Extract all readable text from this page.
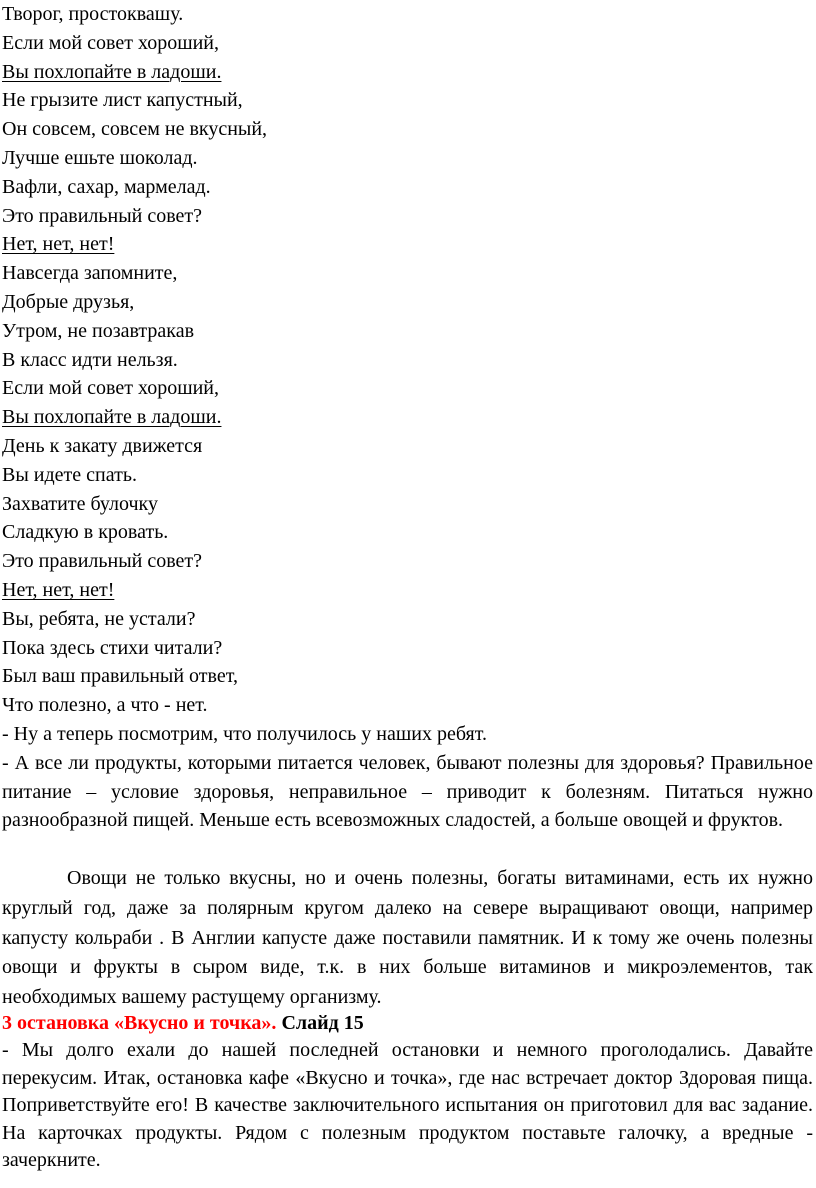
Творог, простоквашу.
Если мой совет хороший,
Вы похлопайте в ладоши.
Не грызите лист капустный,
Он совсем, совсем не вкусный,
Лучше ешьте шоколад.
Вафли, сахар, мармелад.
Это правильный совет?
Нет, нет, нет!
Навсегда запомните,
Добрые друзья,
Утром, не позавтракав
В класс идти нельзя.
Если мой совет хороший,
Вы похлопайте в ладоши.
День к закату движется
Вы идете спать.
Захватите булочку
Сладкую в кровать.
Это правильный совет?
Нет, нет, нет!
Вы, ребята, не устали?
Пока здесь стихи читали?
Был ваш правильный ответ,
Что полезно, а что - нет.

- Ну а теперь посмотрим, что получилось у наших ребят.

- А все ли продукты, которыми питается человек, бывают полезны для здоровья? Правильное питание – условие здоровья, неправильное – приводит к болезням. Питаться нужно разнообразной пищей. Меньше есть всевозможных сладостей, а больше овощей и фруктов.

Овощи не только вкусны, но и очень полезны, богаты витаминами, есть их нужно круглый год, даже за полярным кругом далеко на севере выращивают овощи, например капусту кольраби . В Англии капусте даже поставили памятник. И к тому же очень полезны овощи и фрукты в сыром виде, т.к. в них больше витаминов и микроэлементов, так необходимых вашему растущему организму.

3 остановка «Вкусно и точка». Слайд 15

- Мы долго ехали до нашей последней остановки и немного проголодались. Давайте перекусим. Итак, остановка кафе «Вкусно и точка», где нас встречает доктор Здоровая пища. Поприветствуйте его! В качестве заключительного испытания он приготовил для вас задание. На карточках продукты. Рядом с полезным продуктом поставьте галочку, а вредные - зачеркните.
